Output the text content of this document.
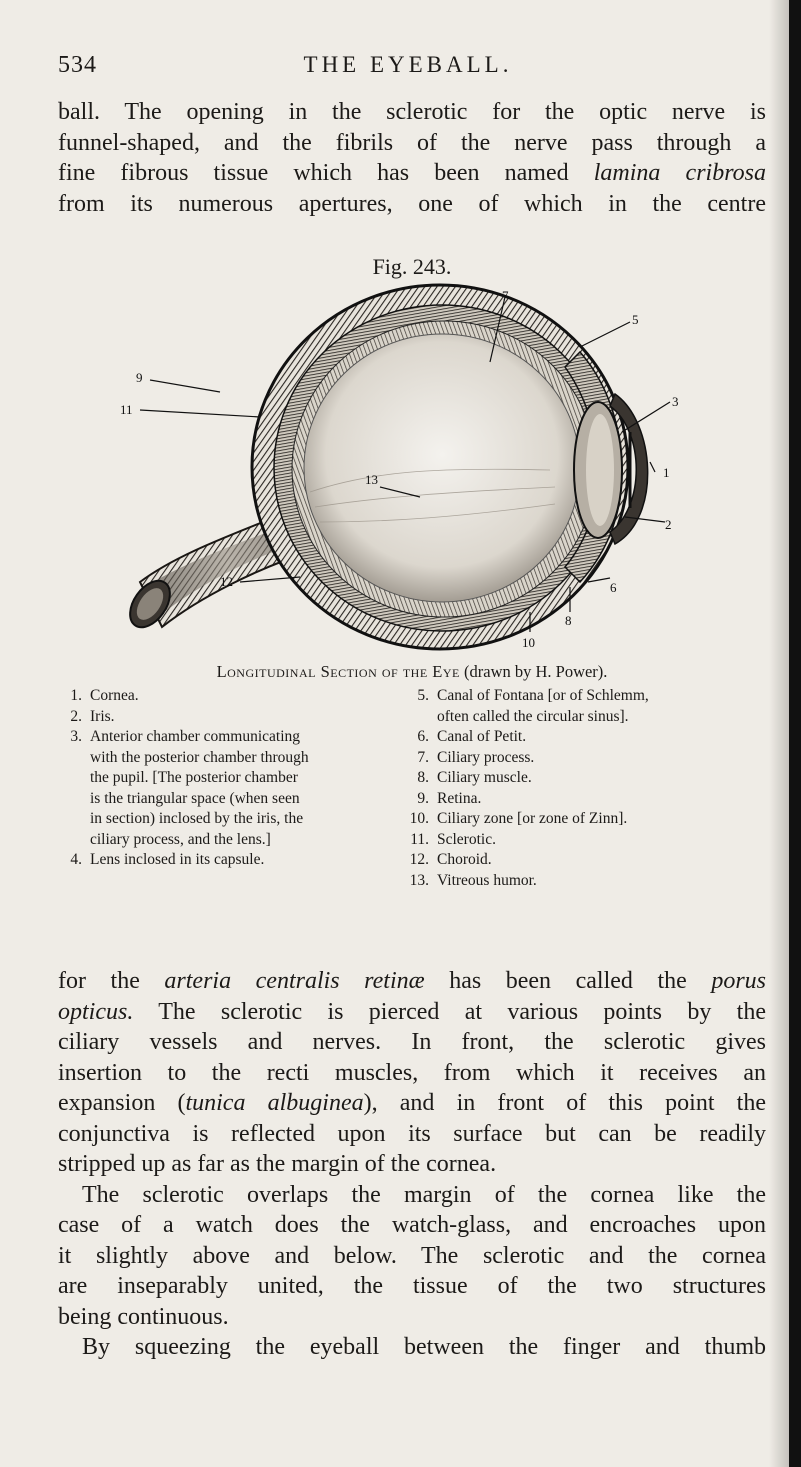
534	THE EYEBALL.
ball. The opening in the sclerotic for the optic nerve is
funnel-shaped, and the fibrils of the nerve pass through a
fine fibrous tissue which has been named lamina cribrosa
from its numerous apertures, one of which in the centre
Fig. 243.
1
2
3
5
6
7
8
9
10
11
12
13
Longitudinal Section of the Eye (drawn by H. Power).
1. Cornea.
2. Iris.
3. Anterior chamber communicating
with the posterior chamber through
the pupil. [The posterior chamber
is the triangular space (when seen
in section) inclosed by the iris, the
ciliary process, and the lens.]
4. Lens inclosed in its capsule.
5. Canal of Fontana [or of Schlemm,
often called the circular sinus].
6. Canal of Petit.
7. Ciliary process.
8. Ciliary muscle.
9. Retina.
10. Ciliary zone [or zone of Zinn].
11. Sclerotic.
12. Choroid.
13. Vitreous humor.
for the arteria centralis retinæ has been called the porus
opticus. The sclerotic is pierced at various points by the
ciliary vessels and nerves. In front, the sclerotic gives
insertion to the recti muscles, from which it receives an
expansion (tunica albuginea), and in front of this point the
conjunctiva is reflected upon its surface but can be readily
stripped up as far as the margin of the cornea.
The sclerotic overlaps the margin of the cornea like the
case of a watch does the watch-glass, and encroaches upon
it slightly above and below. The sclerotic and the cornea
are inseparably united, the tissue of the two structures
being continuous.
By squeezing the eyeball between the finger and thumb
